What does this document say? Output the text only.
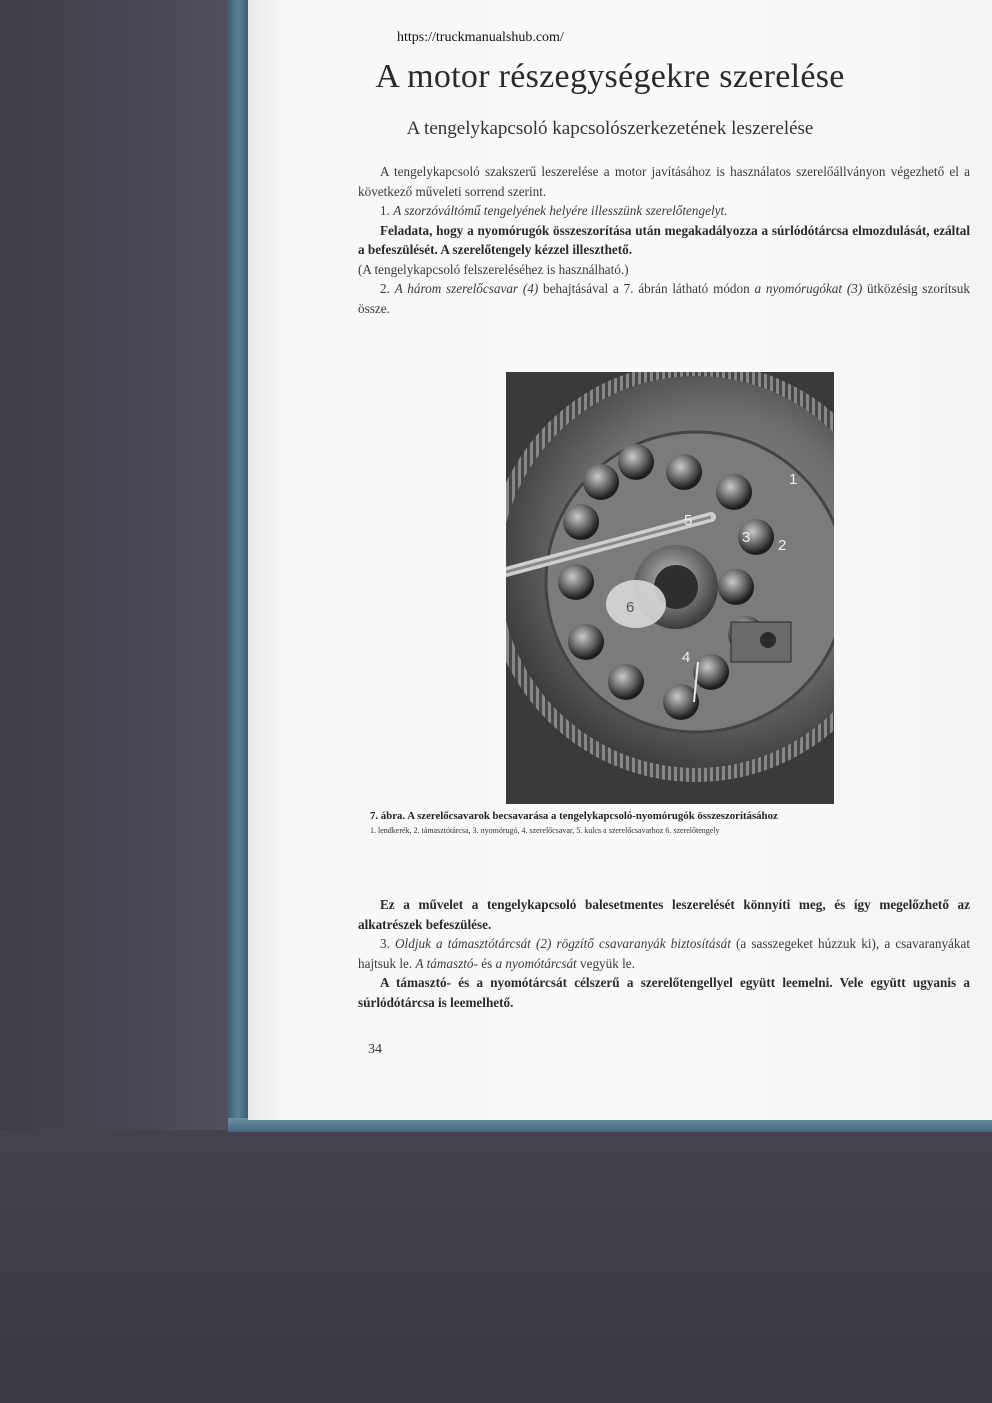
https://truckmanualshub.com/
A motor részegységekre szerelése
A tengelykapcsoló kapcsolószerkezetének leszerelése

A tengelykapcsoló szakszerű leszerelése a motor javításához is használatos szerelőállványon végezhető el a következő műveleti sorrend szerint.

1. A szorzóváltómű tengelyének helyére illesszünk szerelőtengelyt.

Feladata, hogy a nyomórugók összeszorítása után megakadályozza a súrlódótárcsa elmozdulását, ezáltal a befeszülését. A szerelőtengely kézzel illeszthető.

(A tengelykapcsoló felszereléséhez is használható.)

2. A három szerelőcsavar (4) behajtásával a 7. ábrán látható módon a nyomórugókat (3) ütközésig szorítsuk össze.

1
2
3
4
5
6
7. ábra. A szerelőcsavarok becsavarása a tengelykapcsoló-nyomórugók összeszorításához
1. lendkerék, 2. támasztótárcsa, 3. nyomórugó, 4. szerelőcsavar, 5. kulcs a szerelőcsavarhoz 6. szerelőtengely

Ez a művelet a tengelykapcsoló balesetmentes leszerelését könnyíti meg, és így megelőzhető az alkatrészek befeszülése.

3. Oldjuk a támasztótárcsát (2) rögzítő csavaranyák biztosítását (a sasszegeket húzzuk ki), a csavaranyákat hajtsuk le. A támasztó- és a nyomótárcsát vegyük le.

A támasztó- és a nyomótárcsát célszerű a szerelőtengellyel együtt leemelni. Vele együtt ugyanis a súrlódótárcsa is leemelhető.

34
